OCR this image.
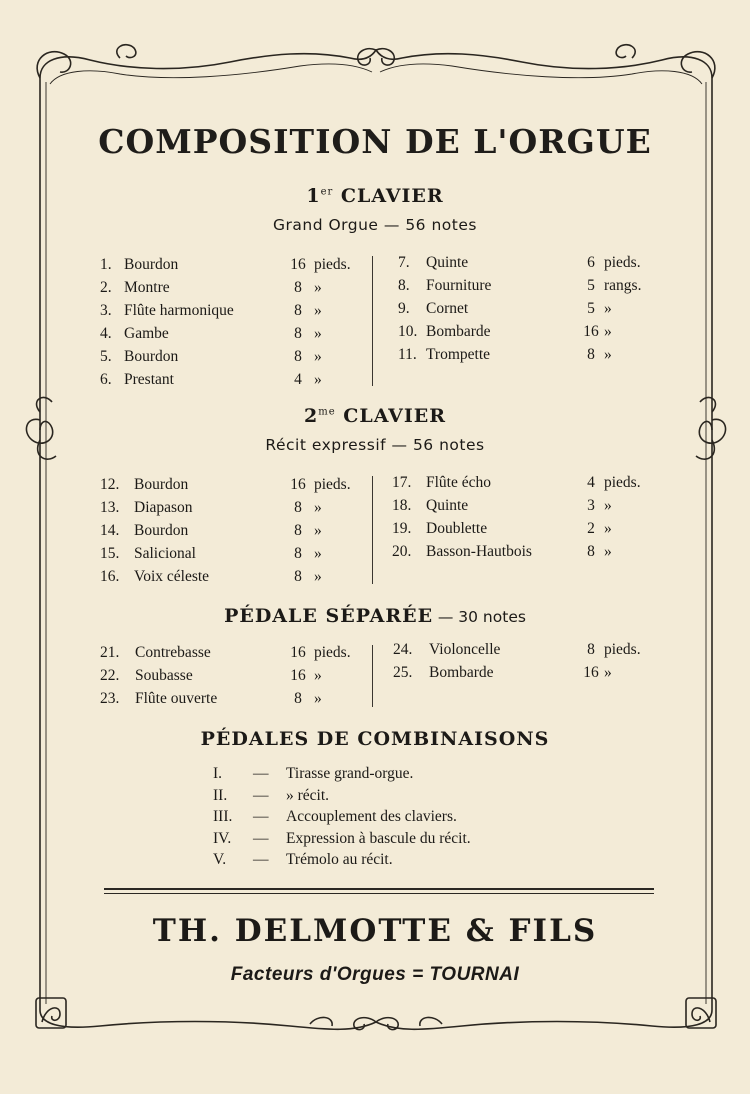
COMPOSITION DE L'ORGUE
1er CLAVIER
Grand Orgue — 56 notes
1. Bourdon	16 pieds.
2. Montre	8 »
3. Flûte harmonique	8 »
4. Gambe	8 »
5. Bourdon	8 »
6. Prestant	4 »
7.	Quinte	6 pieds.
8.	Fourniture	5 rangs.
9.	Cornet	5 »
10. Bombarde	16 »
11. Trompette	8 »
$2^{me}$ CLAVIER
Récit expressif — 56 notes
12. Bourdon	16 pieds.
13. Diapason	8 »
14. Bourdon	8 »
15. Salicional	8 »
16. Voix céleste	8 »
17. Flûte écho	4 pieds.
18. Quinte	3 »
19. Doublette	2 »
20. Basson-Hautbois	8 »
PÉDALE SÉPARÉE — 30 notes
21.	Contrebasse	16 pieds.
22.	Soubasse	16 »
23.	Flûte ouverte	8 »
24.	Violoncelle	8 pieds.
25.	Bombarde	16 »
PÉDALES DE COMBINAISONS
I. — Tirasse grand-orgue.
II. — » récit.
III. — Accouplement des claviers.
IV. — Expression à bascule du récit.
V. — Trémolo au récit.
TH. DELMOTTE & FILS
Facteurs d'Orgues = TOURNAI
